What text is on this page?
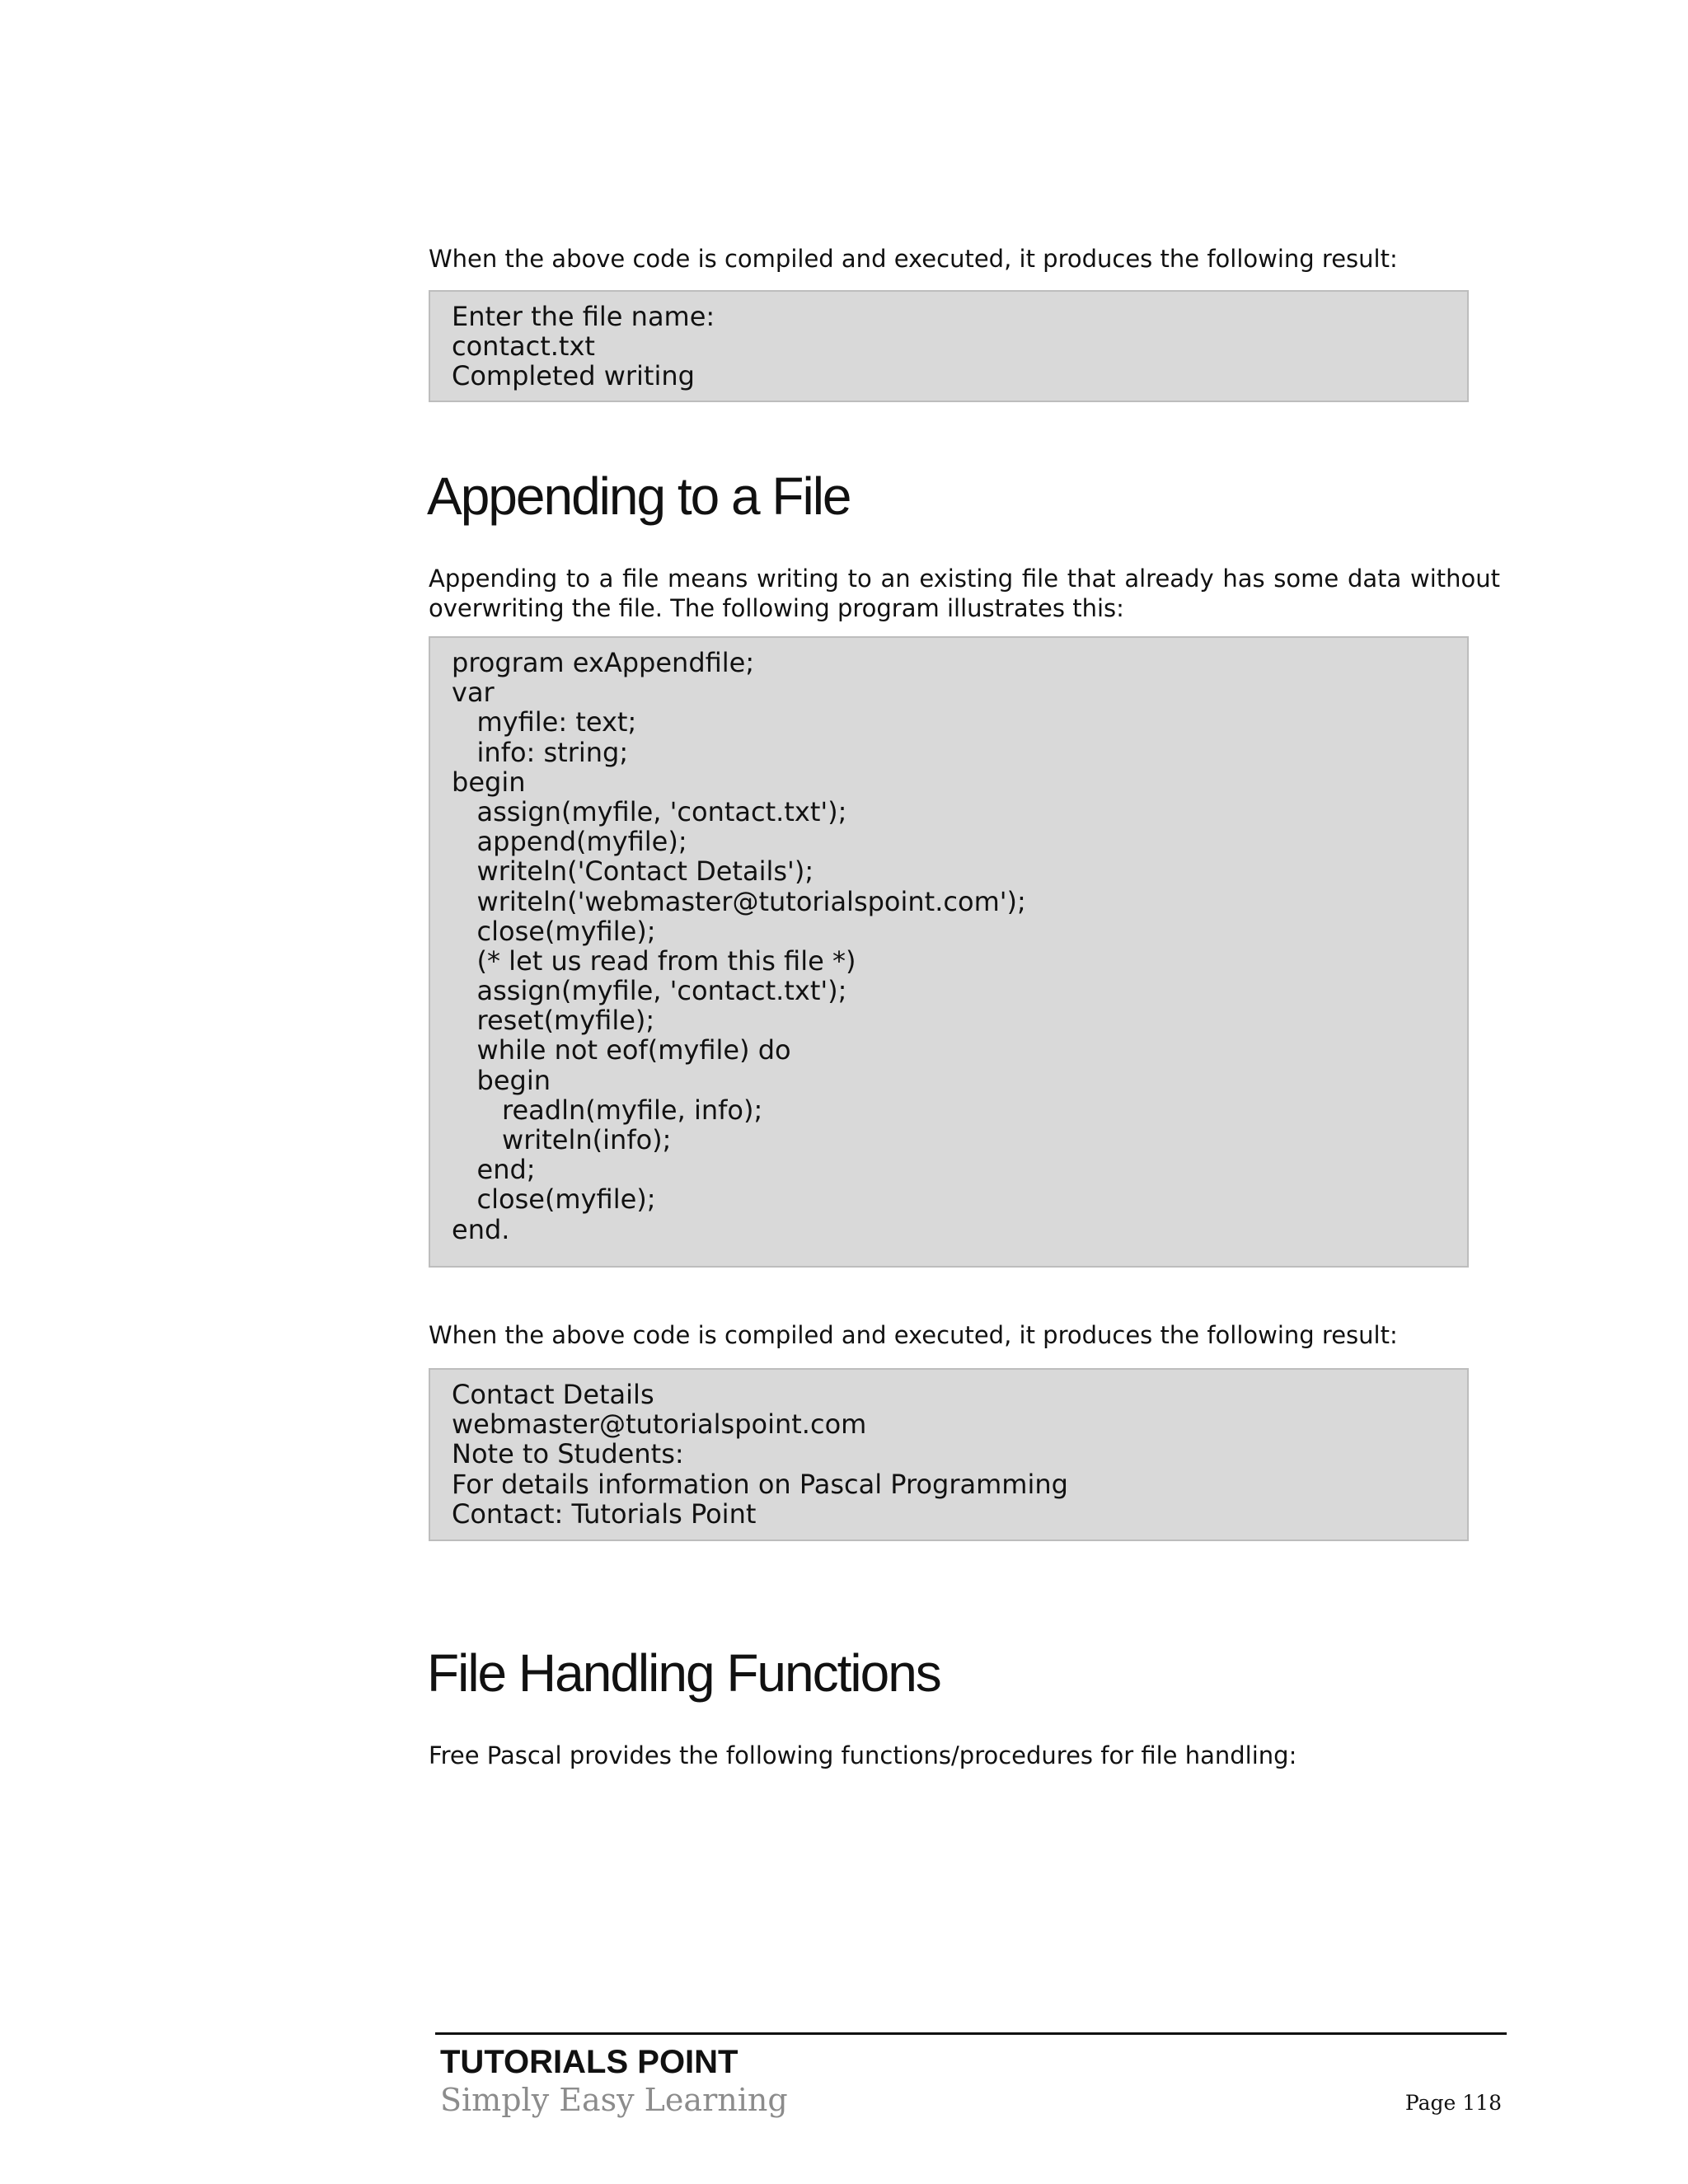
When the above code is compiled and executed, it produces the following result:

Enter the file name:
contact.txt
Completed writing
Appending to a File

Appending to a file means writing to an existing file that already has some data without overwriting the file. The following program illustrates this:

program exAppendfile;
var
myfile: text;
info: string;
begin
assign(myfile, 'contact.txt');
append(myfile);
writeln('Contact Details');
writeln('webmaster@tutorialspoint.com');
close(myfile);
(* let us read from this file *)
assign(myfile, 'contact.txt');
reset(myfile);
while not eof(myfile) do
begin
readln(myfile, info);
writeln(info);
end;
close(myfile);
end.

When the above code is compiled and executed, it produces the following result:

Contact Details
webmaster@tutorialspoint.com
Note to Students:
For details information on Pascal Programming
Contact: Tutorials Point
File Handling Functions

Free Pascal provides the following functions/procedures for file handling:

TUTORIALS POINT
Simply Easy Learning	Page 118
